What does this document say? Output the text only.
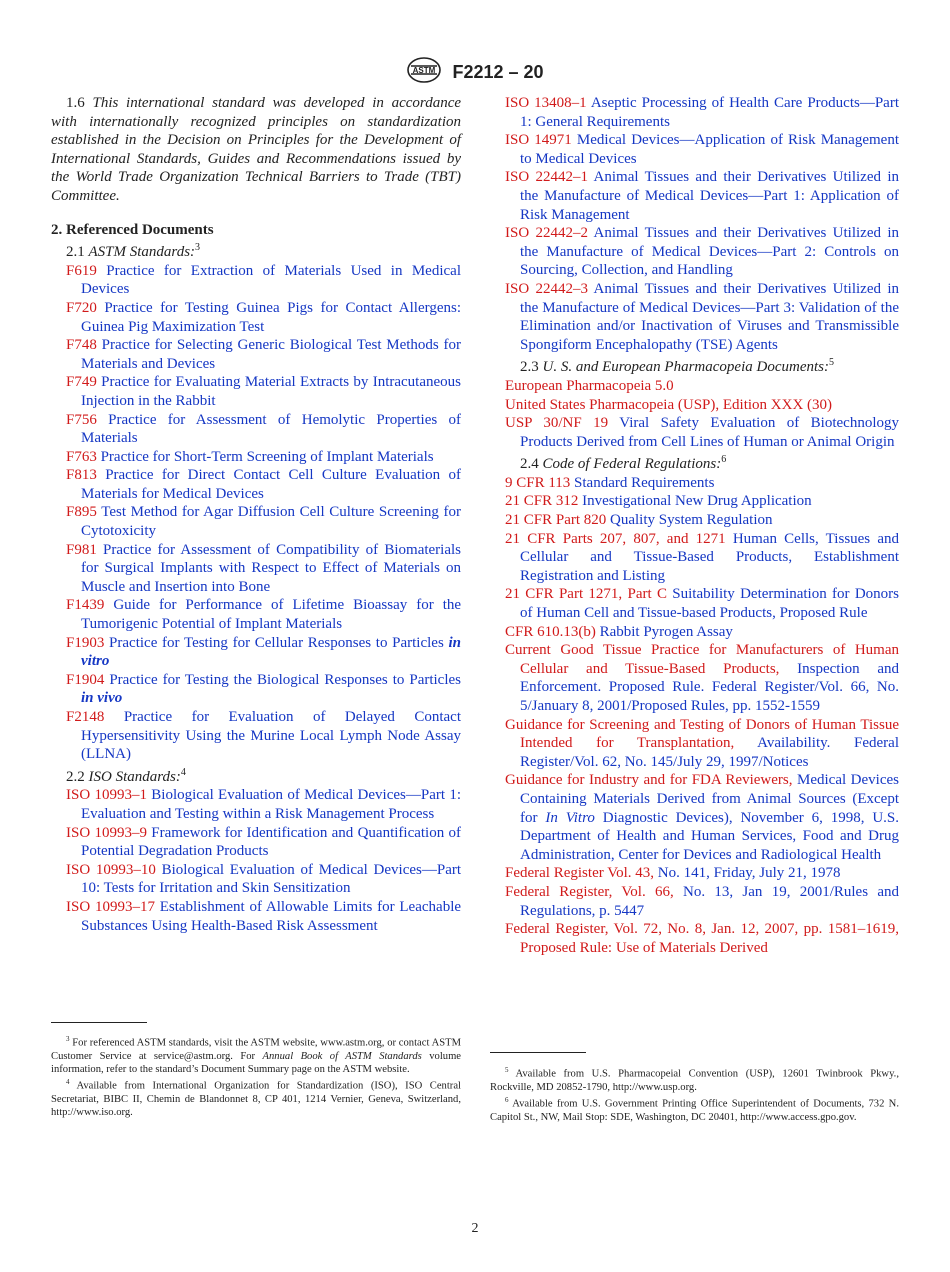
ASTM F2212 – 20

1.6 This international standard was developed in accordance with internationally recognized principles on standardization established in the Decision on Principles for the Development of International Standards, Guides and Recommendations issued by the World Trade Organization Technical Barriers to Trade (TBT) Committee.

2. Referenced Documents

2.1 ASTM Standards:$^3$

F619 Practice for Extraction of Materials Used in Medical Devices

F720 Practice for Testing Guinea Pigs for Contact Allergens: Guinea Pig Maximization Test

F748 Practice for Selecting Generic Biological Test Methods for Materials and Devices

F749 Practice for Evaluating Material Extracts by Intracutaneous Injection in the Rabbit

F756 Practice for Assessment of Hemolytic Properties of Materials

F763 Practice for Short-Term Screening of Implant Materials

F813 Practice for Direct Contact Cell Culture Evaluation of Materials for Medical Devices

F895 Test Method for Agar Diffusion Cell Culture Screening for Cytotoxicity

F981 Practice for Assessment of Compatibility of Biomaterials for Surgical Implants with Respect to Effect of Materials on Muscle and Insertion into Bone

F1439 Guide for Performance of Lifetime Bioassay for the Tumorigenic Potential of Implant Materials

F1903 Practice for Testing for Cellular Responses to Particles in vitro

F1904 Practice for Testing the Biological Responses to Particles in vivo

F2148 Practice for Evaluation of Delayed Contact Hypersensitivity Using the Murine Local Lymph Node Assay (LLNA)

2.2 ISO Standards:$^4$

ISO 10993–1 Biological Evaluation of Medical Devices—Part 1: Evaluation and Testing within a Risk Management Process

ISO 10993–9 Framework for Identification and Quantification of Potential Degradation Products

ISO 10993–10 Biological Evaluation of Medical Devices—Part 10: Tests for Irritation and Skin Sensitization

ISO 10993–17 Establishment of Allowable Limits for Leachable Substances Using Health-Based Risk Assessment

ISO 13408–1 Aseptic Processing of Health Care Products—Part 1: General Requirements

ISO 14971 Medical Devices—Application of Risk Management to Medical Devices

ISO 22442–1 Animal Tissues and their Derivatives Utilized in the Manufacture of Medical Devices—Part 1: Application of Risk Management

ISO 22442–2 Animal Tissues and their Derivatives Utilized in the Manufacture of Medical Devices—Part 2: Controls on Sourcing, Collection, and Handling

ISO 22442–3 Animal Tissues and their Derivatives Utilized in the Manufacture of Medical Devices—Part 3: Validation of the Elimination and/or Inactivation of Viruses and Transmissible Spongiform Encephalopathy (TSE) Agents

2.3 U. S. and European Pharmacopeia Documents:$^5$

European Pharmacopeia 5.0

United States Pharmacopeia (USP), Edition XXX (30)

USP 30/NF 19 Viral Safety Evaluation of Biotechnology Products Derived from Cell Lines of Human or Animal Origin

2.4 Code of Federal Regulations:$^6$

9 CFR 113 Standard Requirements

21 CFR 312 Investigational New Drug Application

21 CFR Part 820 Quality System Regulation

21 CFR Parts 207, 807, and 1271 Human Cells, Tissues and Cellular and Tissue-Based Products, Establishment Registration and Listing

21 CFR Part 1271, Part C Suitability Determination for Donors of Human Cell and Tissue-based Products, Proposed Rule

CFR 610.13(b) Rabbit Pyrogen Assay

Current Good Tissue Practice for Manufacturers of Human Cellular and Tissue-Based Products, Inspection and Enforcement. Proposed Rule. Federal Register/Vol. 66, No. 5/January 8, 2001/Proposed Rules, pp. 1552-1559

Guidance for Screening and Testing of Donors of Human Tissue Intended for Transplantation, Availability. Federal Register/Vol. 62, No. 145/July 29, 1997/Notices

Guidance for Industry and for FDA Reviewers, Medical Devices Containing Materials Derived from Animal Sources (Except for In Vitro Diagnostic Devices), November 6, 1998, U.S. Department of Health and Human Services, Food and Drug Administration, Center for Devices and Radiological Health

Federal Register Vol. 43, No. 141, Friday, July 21, 1978

Federal Register, Vol. 66, No. 13, Jan 19, 2001/Rules and Regulations, p. 5447

Federal Register, Vol. 72, No. 8, Jan. 12, 2007, pp. 1581–1619, Proposed Rule: Use of Materials Derived

$^3$ For referenced ASTM standards, visit the ASTM website, www.astm.org, or contact ASTM Customer Service at service@astm.org. For Annual Book of ASTM Standards volume information, refer to the standard’s Document Summary page on the ASTM website.

$^4$ Available from International Organization for Standardization (ISO), ISO Central Secretariat, BIBC II, Chemin de Blandonnet 8, CP 401, 1214 Vernier, Geneva, Switzerland, http://www.iso.org.

$^5$ Available from U.S. Pharmacopeial Convention (USP), 12601 Twinbrook Pkwy., Rockville, MD 20852-1790, http://www.usp.org.

$^6$ Available from U.S. Government Printing Office Superintendent of Documents, 732 N. Capitol St., NW, Mail Stop: SDE, Washington, DC 20401, http://www.access.gpo.gov.

2
